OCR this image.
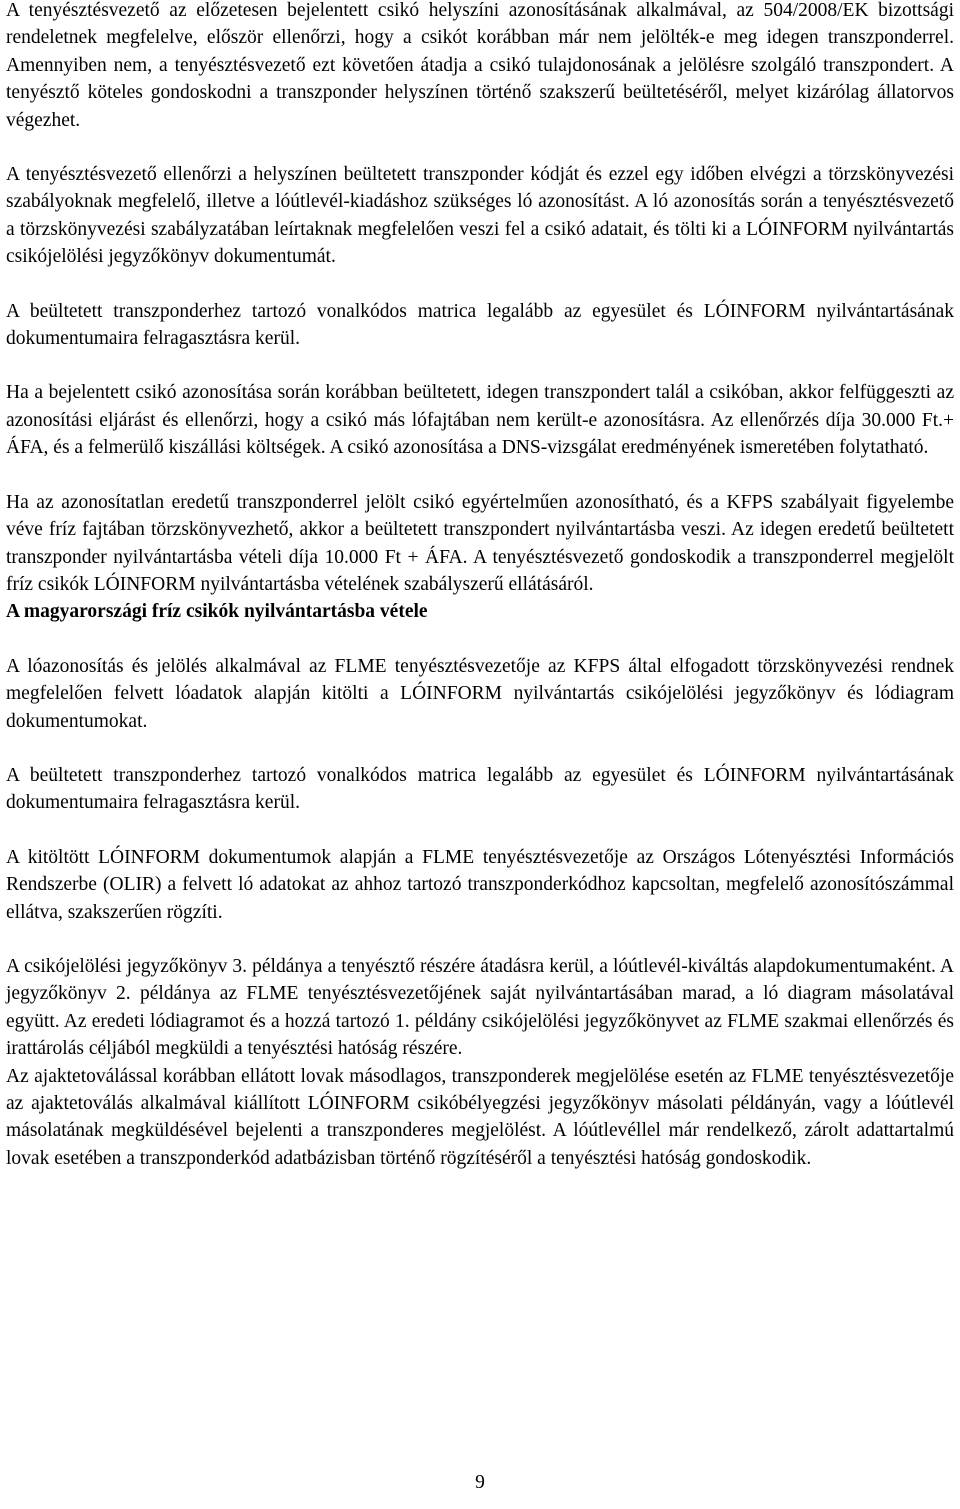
A tenyésztésvezető az előzetesen bejelentett csikó helyszíni azonosításának alkalmával, az 504/2008/EK bizottsági rendeletnek megfelelve, először ellenőrzi, hogy a csikót korábban már nem jelölték-e meg idegen transzponderrel. Amennyiben nem, a tenyésztésvezető ezt követően átadja a csikó tulajdonosának a jelölésre szolgáló transzpondert. A tenyésztő köteles gondoskodni a transzponder helyszínen történő szakszerű beültetéséről, melyet kizárólag állatorvos végezhet.

A tenyésztésvezető ellenőrzi a helyszínen beültetett transzponder kódját és ezzel egy időben elvégzi a törzskönyvezési szabályoknak megfelelő, illetve a lóútlevél-kiadáshoz szükséges ló azonosítást. A ló azonosítás során a tenyésztésvezető a törzskönyvezési szabályzatában leírtaknak megfelelően veszi fel a csikó adatait, és tölti ki a LÓINFORM nyilvántartás csikójelölési jegyzőkönyv dokumentumát.

A beültetett transzponderhez tartozó vonalkódos matrica legalább az egyesület és LÓINFORM nyilvántartásának dokumentumaira felragasztásra kerül.

Ha a bejelentett csikó azonosítása során korábban beültetett, idegen transzpondert talál a csikóban, akkor felfüggeszti az azonosítási eljárást és ellenőrzi, hogy a csikó más lófajtában nem került-e azonosításra. Az ellenőrzés díja 30.000 Ft.+ ÁFA, és a felmerülő kiszállási költségek. A csikó azonosítása a DNS-vizsgálat eredményének ismeretében folytatható.

Ha az azonosítatlan eredetű transzponderrel jelölt csikó egyértelműen azonosítható, és a KFPS szabályait figyelembe véve fríz fajtában törzskönyvezhető, akkor a beültetett transzpondert nyilvántartásba veszi. Az idegen eredetű beültetett transzponder nyilvántartásba vételi díja 10.000 Ft + ÁFA. A tenyésztésvezető gondoskodik a transzponderrel megjelölt fríz csikók LÓINFORM nyilvántartásba vételének szabályszerű ellátásáról.

A magyarországi fríz csikók nyilvántartásba vétele

A lóazonosítás és jelölés alkalmával az FLME tenyésztésvezetője az KFPS által elfogadott törzskönyvezési rendnek megfelelően felvett lóadatok alapján kitölti a LÓINFORM nyilvántartás csikójelölési jegyzőkönyv és lódiagram dokumentumokat.

A beültetett transzponderhez tartozó vonalkódos matrica legalább az egyesület és LÓINFORM nyilvántartásának dokumentumaira felragasztásra kerül.

A kitöltött LÓINFORM dokumentumok alapján a FLME tenyésztésvezetője az Országos Lótenyésztési Információs Rendszerbe (OLIR) a felvett ló adatokat az ahhoz tartozó transzponderkódhoz kapcsoltan, megfelelő azonosítószámmal ellátva, szakszerűen rögzíti.

A csikójelölési jegyzőkönyv 3. példánya a tenyésztő részére átadásra kerül, a lóútlevél-kiváltás alapdokumentumaként. A jegyzőkönyv 2. példánya az FLME tenyésztésvezetőjének saját nyilvántartásában marad, a ló diagram másolatával együtt. Az eredeti lódiagramot és a hozzá tartozó 1. példány csikójelölési jegyzőkönyvet az FLME szakmai ellenőrzés és irattárolás céljából megküldi a tenyésztési hatóság részére.

Az ajaktetoválással korábban ellátott lovak másodlagos, transzponderek megjelölése esetén az FLME tenyésztésvezetője az ajaktetoválás alkalmával kiállított LÓINFORM csikóbélyegzési jegyzőkönyv másolati példányán, vagy a lóútlevél másolatának megküldésével bejelenti a transzponderes megjelölést. A lóútlevéllel már rendelkező, zárolt adattartalmú lovak esetében a transzponderkód adatbázisban történő rögzítéséről a tenyésztési hatóság gondoskodik.

9
